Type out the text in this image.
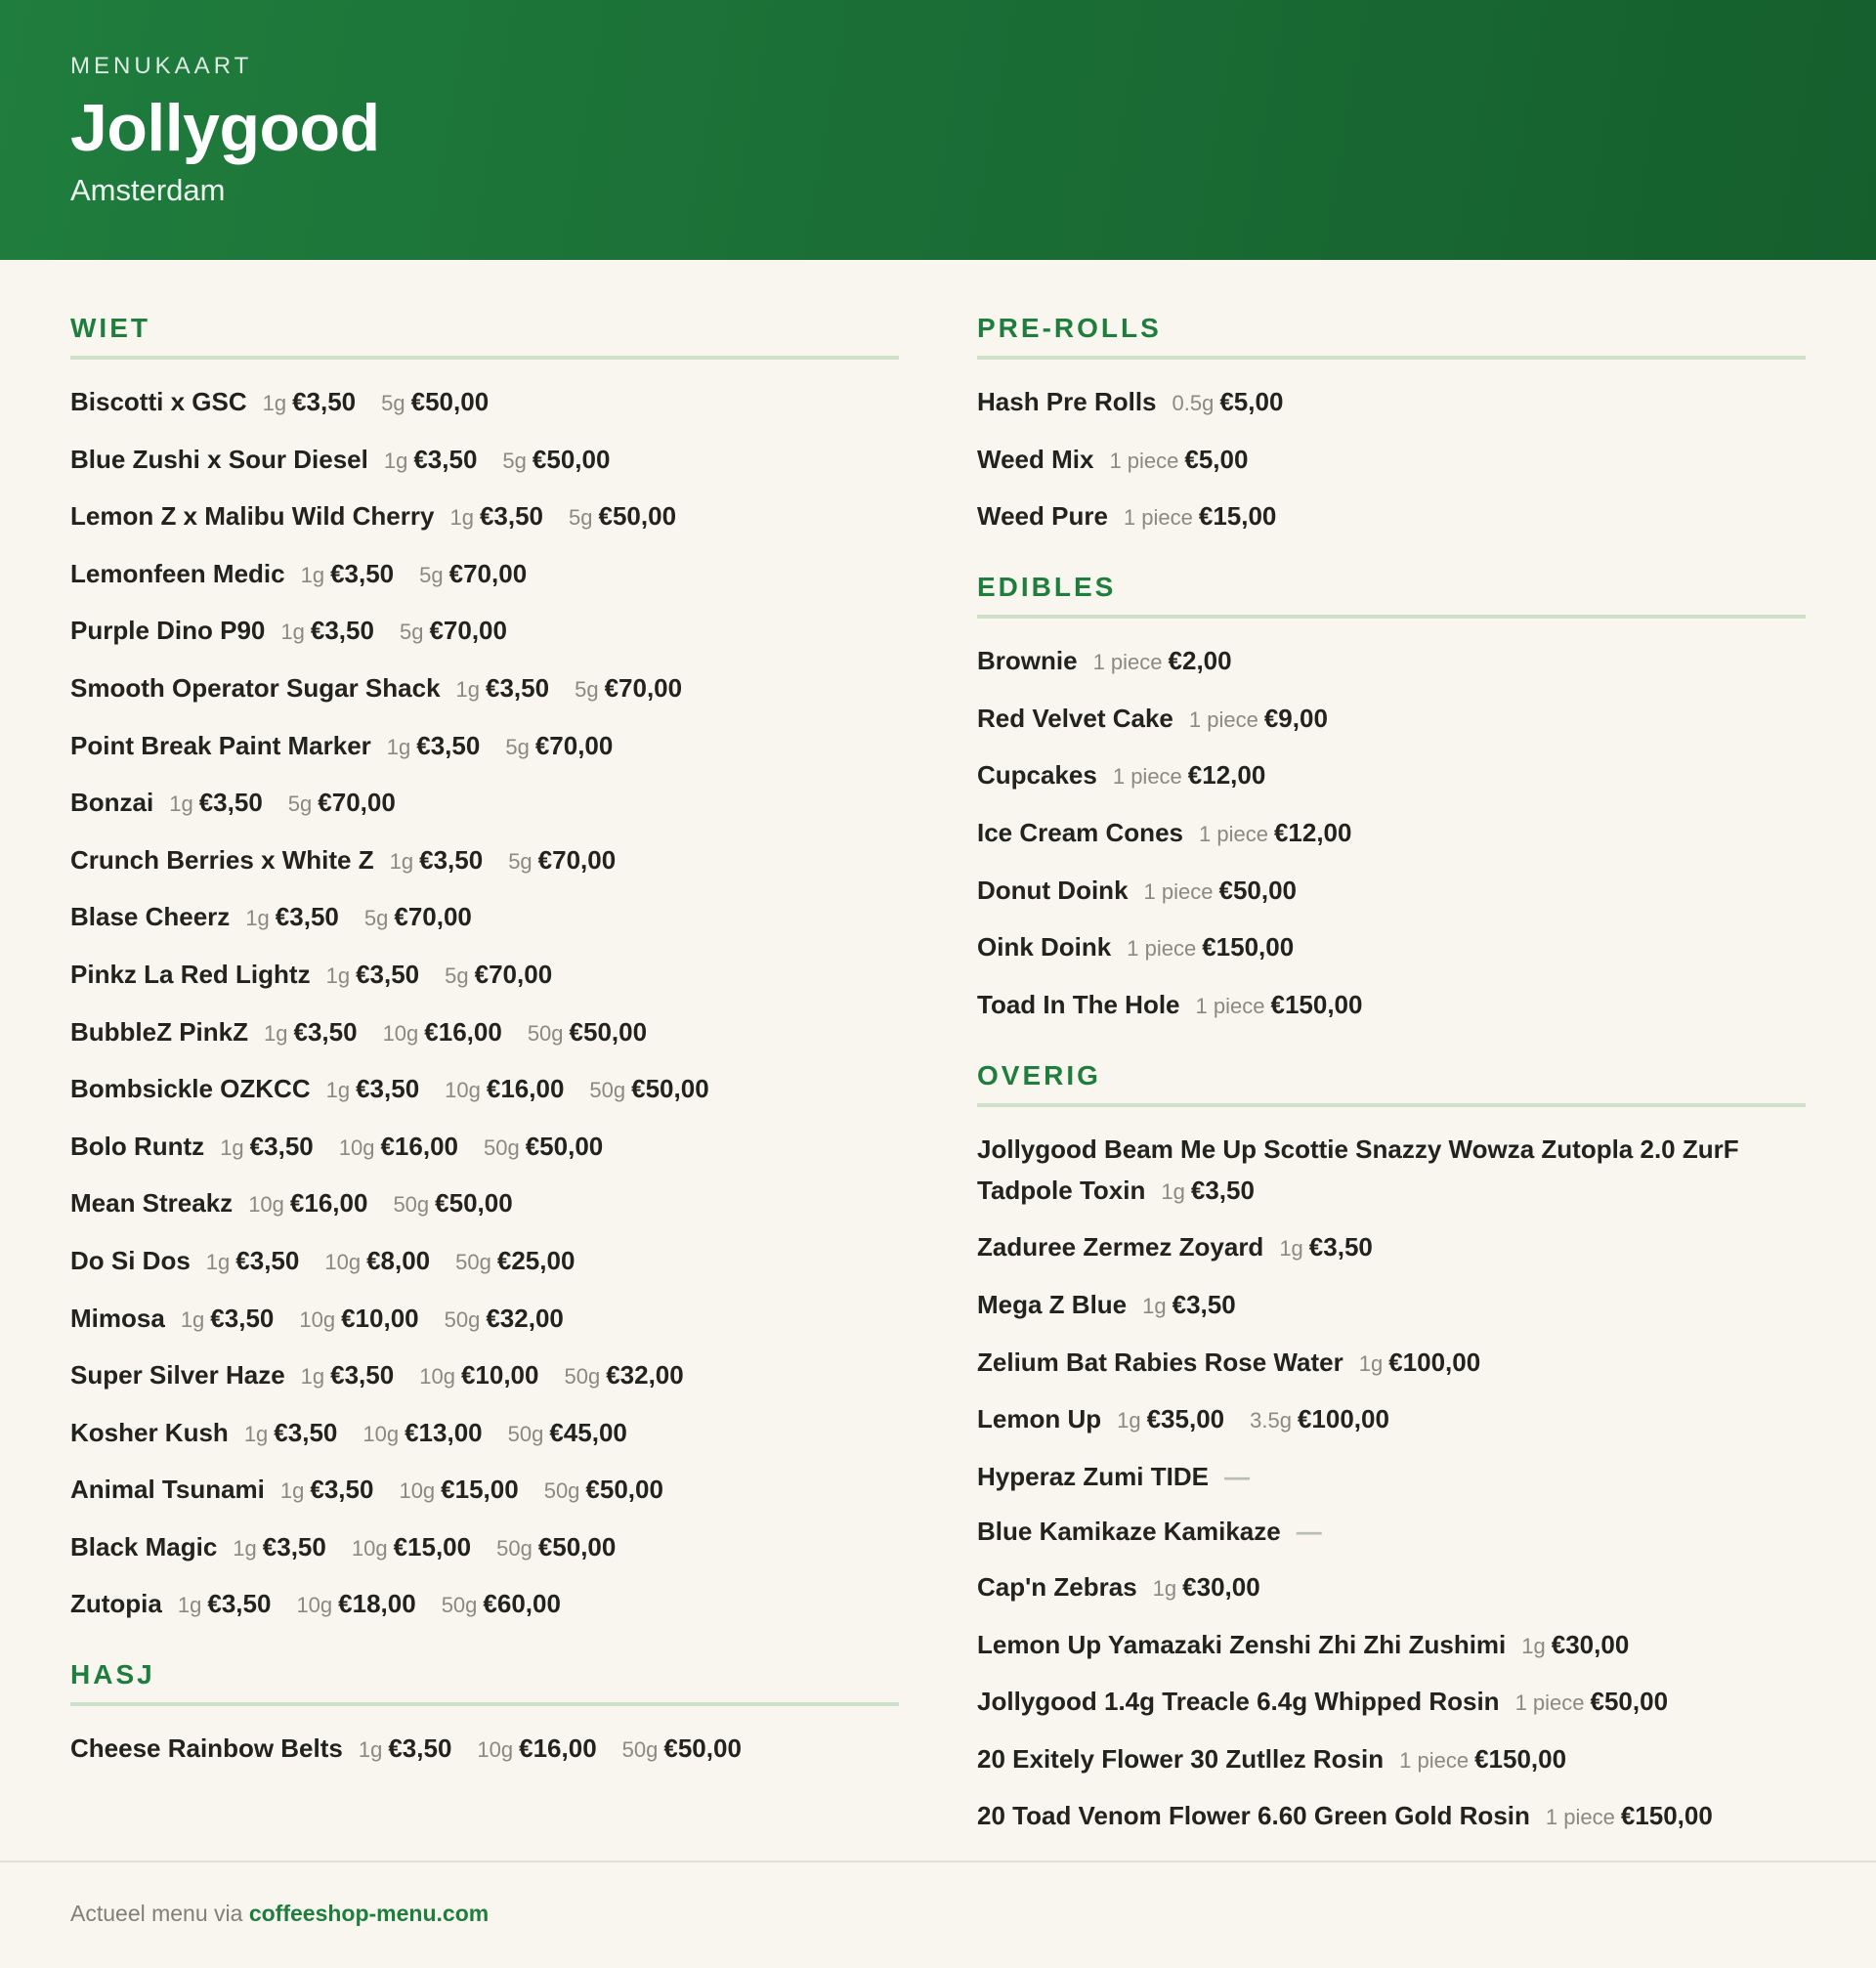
MENUKAART

Jollygood

Amsterdam

WIET
Biscotti x GSC 1g €3,50 5g €50,00
Blue Zushi x Sour Diesel 1g €3,50 5g €50,00
Lemon Z x Malibu Wild Cherry 1g €3,50 5g €50,00
Lemonfeen Medic 1g €3,50 5g €70,00
Purple Dino P90 1g €3,50 5g €70,00
Smooth Operator Sugar Shack 1g €3,50 5g €70,00
Point Break Paint Marker 1g €3,50 5g €70,00
Bonzai 1g €3,50 5g €70,00
Crunch Berries x White Z 1g €3,50 5g €70,00
Blase Cheerz 1g €3,50 5g €70,00
Pinkz La Red Lightz 1g €3,50 5g €70,00
BubbleZ PinkZ 1g €3,50 10g €16,00 50g €50,00
Bombsickle OZKCC 1g €3,50 10g €16,00 50g €50,00
Bolo Runtz 1g €3,50 10g €16,00 50g €50,00
Mean Streakz 10g €16,00 50g €50,00
Do Si Dos 1g €3,50 10g €8,00 50g €25,00
Mimosa 1g €3,50 10g €10,00 50g €32,00
Super Silver Haze 1g €3,50 10g €10,00 50g €32,00
Kosher Kush 1g €3,50 10g €13,00 50g €45,00
Animal Tsunami 1g €3,50 10g €15,00 50g €50,00
Black Magic 1g €3,50 10g €15,00 50g €50,00
Zutopia 1g €3,50 10g €18,00 50g €60,00
HASJ
Cheese Rainbow Belts 1g €3,50 10g €16,00 50g €50,00
PRE-ROLLS
Hash Pre Rolls 0.5g €5,00
Weed Mix 1 piece €5,00
Weed Pure 1 piece €15,00
EDIBLES
Brownie 1 piece €2,00
Red Velvet Cake 1 piece €9,00
Cupcakes 1 piece €12,00
Ice Cream Cones 1 piece €12,00
Donut Doink 1 piece €50,00
Oink Doink 1 piece €150,00
Toad In The Hole 1 piece €150,00
OVERIG
Jollygood Beam Me Up Scottie Snazzy Wowza Zutopla 2.0 ZurF Tadpole Toxin 1g €3,50
Zaduree Zermez Zoyard 1g €3,50
Mega Z Blue 1g €3,50
Zelium Bat Rabies Rose Water 1g €100,00
Lemon Up 1g €35,00 3.5g €100,00
Hyperaz Zumi TIDE —
Blue Kamikaze Kamikaze —
Cap'n Zebras 1g €30,00
Lemon Up Yamazaki Zenshi Zhi Zhi Zushimi 1g €30,00
Jollygood 1.4g Treacle 6.4g Whipped Rosin 1 piece €50,00
20 Exitely Flower 30 Zutllez Rosin 1 piece €150,00
20 Toad Venom Flower 6.60 Green Gold Rosin 1 piece €150,00
Actueel menu via coffeeshop-menu.com
